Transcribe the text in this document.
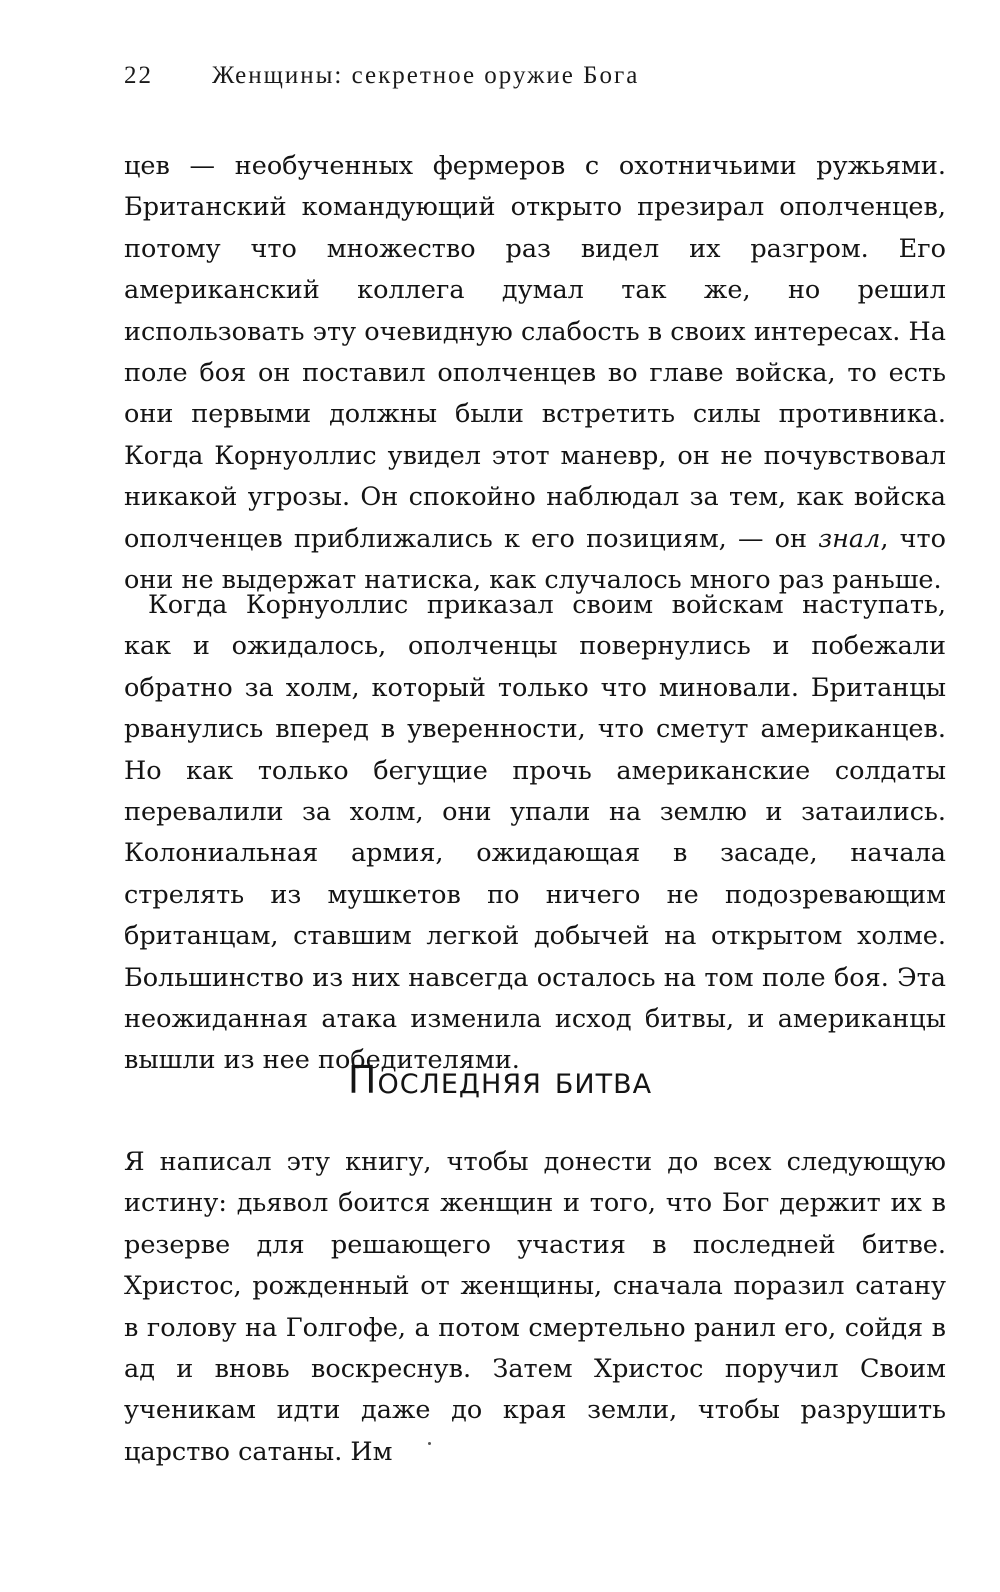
22 Женщины: секретное оружие Бога

цев — необученных фермеров с охотничьими ружьями. Британский командующий открыто презирал ополченцев, потому что множество раз видел их разгром. Его американский коллега думал так же, но решил использовать эту очевидную слабость в своих интересах. На поле боя он поставил ополченцев во главе войска, то есть они первыми должны были встретить силы противника. Когда Корнуоллис увидел этот маневр, он не почувствовал никакой угрозы. Он спокойно наблюдал за тем, как войска ополченцев приближались к его позициям, — он знал, что они не выдержат натиска, как случалось много раз раньше.

Когда Корнуоллис приказал своим войскам наступать, как и ожидалось, ополченцы повернулись и побежали обратно за холм, который только что миновали. Британцы рванулись вперед в уверенности, что сметут американцев. Но как только бегущие прочь американские солдаты перевалили за холм, они упали на землю и затаились. Колониальная армия, ожидающая в засаде, начала стрелять из мушкетов по ничего не подозревающим британцам, ставшим легкой добычей на открытом холме. Большинство из них навсегда осталось на том поле боя. Эта неожиданная атака изменила исход битвы, и американцы вышли из нее победителями.

Последняя битва

Я написал эту книгу, чтобы донести до всех следующую истину: дьявол боится женщин и того, что Бог держит их в резерве для решающего участия в последней битве. Христос, рожденный от женщины, сначала поразил сатану в голову на Голгофе, а потом смертельно ранил его, сойдя в ад и вновь воскреснув. Затем Христос поручил Своим ученикам идти даже до края земли, чтобы разрушить царство сатаны. Им
